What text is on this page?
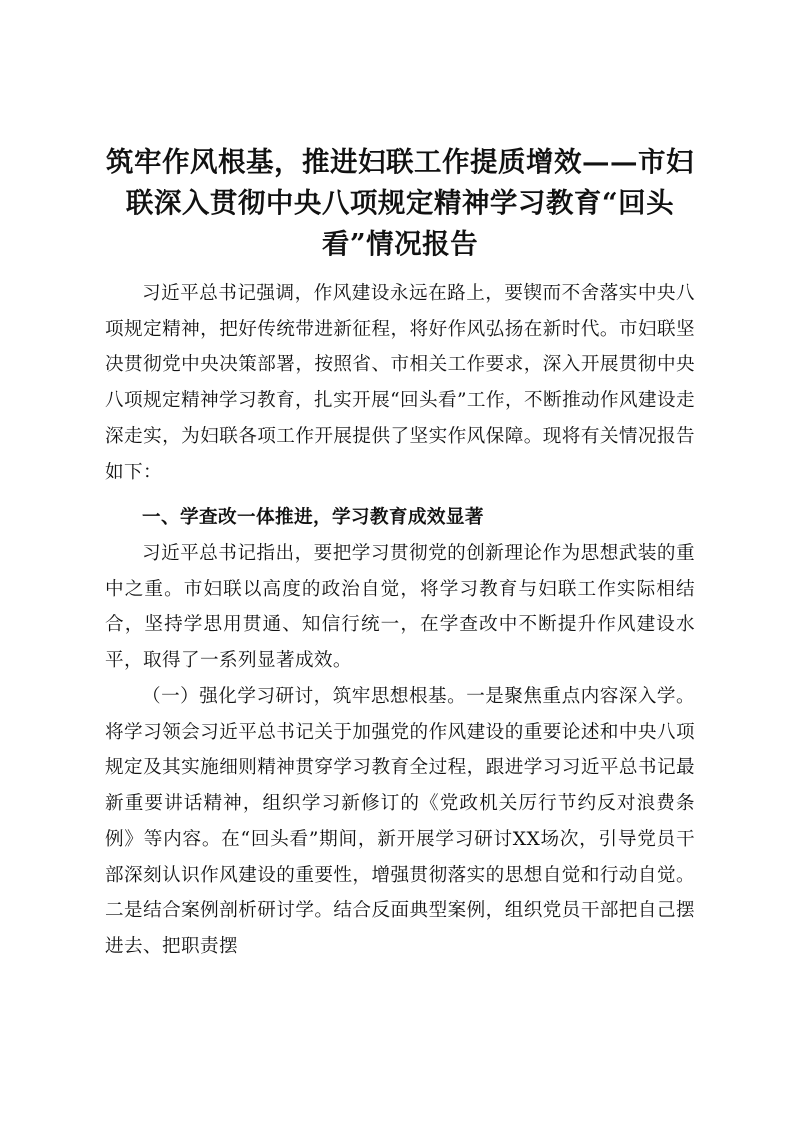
筑牢作风根基，推进妇联工作提质增效——市妇联深入贯彻中央八项规定精神学习教育“回头看”情况报告

习近平总书记强调，作风建设永远在路上，要锲而不舍落实中央八项规定精神，把好传统带进新征程，将好作风弘扬在新时代。市妇联坚决贯彻党中央决策部署，按照省、市相关工作要求，深入开展贯彻中央八项规定精神学习教育，扎实开展“回头看”工作，不断推动作风建设走深走实，为妇联各项工作开展提供了坚实作风保障。现将有关情况报告如下：

一、学查改一体推进，学习教育成效显著

习近平总书记指出，要把学习贯彻党的创新理论作为思想武装的重中之重。市妇联以高度的政治自觉，将学习教育与妇联工作实际相结合，坚持学思用贯通、知信行统一，在学查改中不断提升作风建设水平，取得了一系列显著成效。

（一）强化学习研讨，筑牢思想根基。一是聚焦重点内容深入学。将学习领会习近平总书记关于加强党的作风建设的重要论述和中央八项规定及其实施细则精神贯穿学习教育全过程，跟进学习习近平总书记最新重要讲话精神，组织学习新修订的《党政机关厉行节约反对浪费条例》等内容。在“回头看”期间，新开展学习研讨XX场次，引导党员干部深刻认识作风建设的重要性，增强贯彻落实的思想自觉和行动自觉。二是结合案例剖析研讨学。结合反面典型案例，组织党员干部把自己摆进去、把职责摆
